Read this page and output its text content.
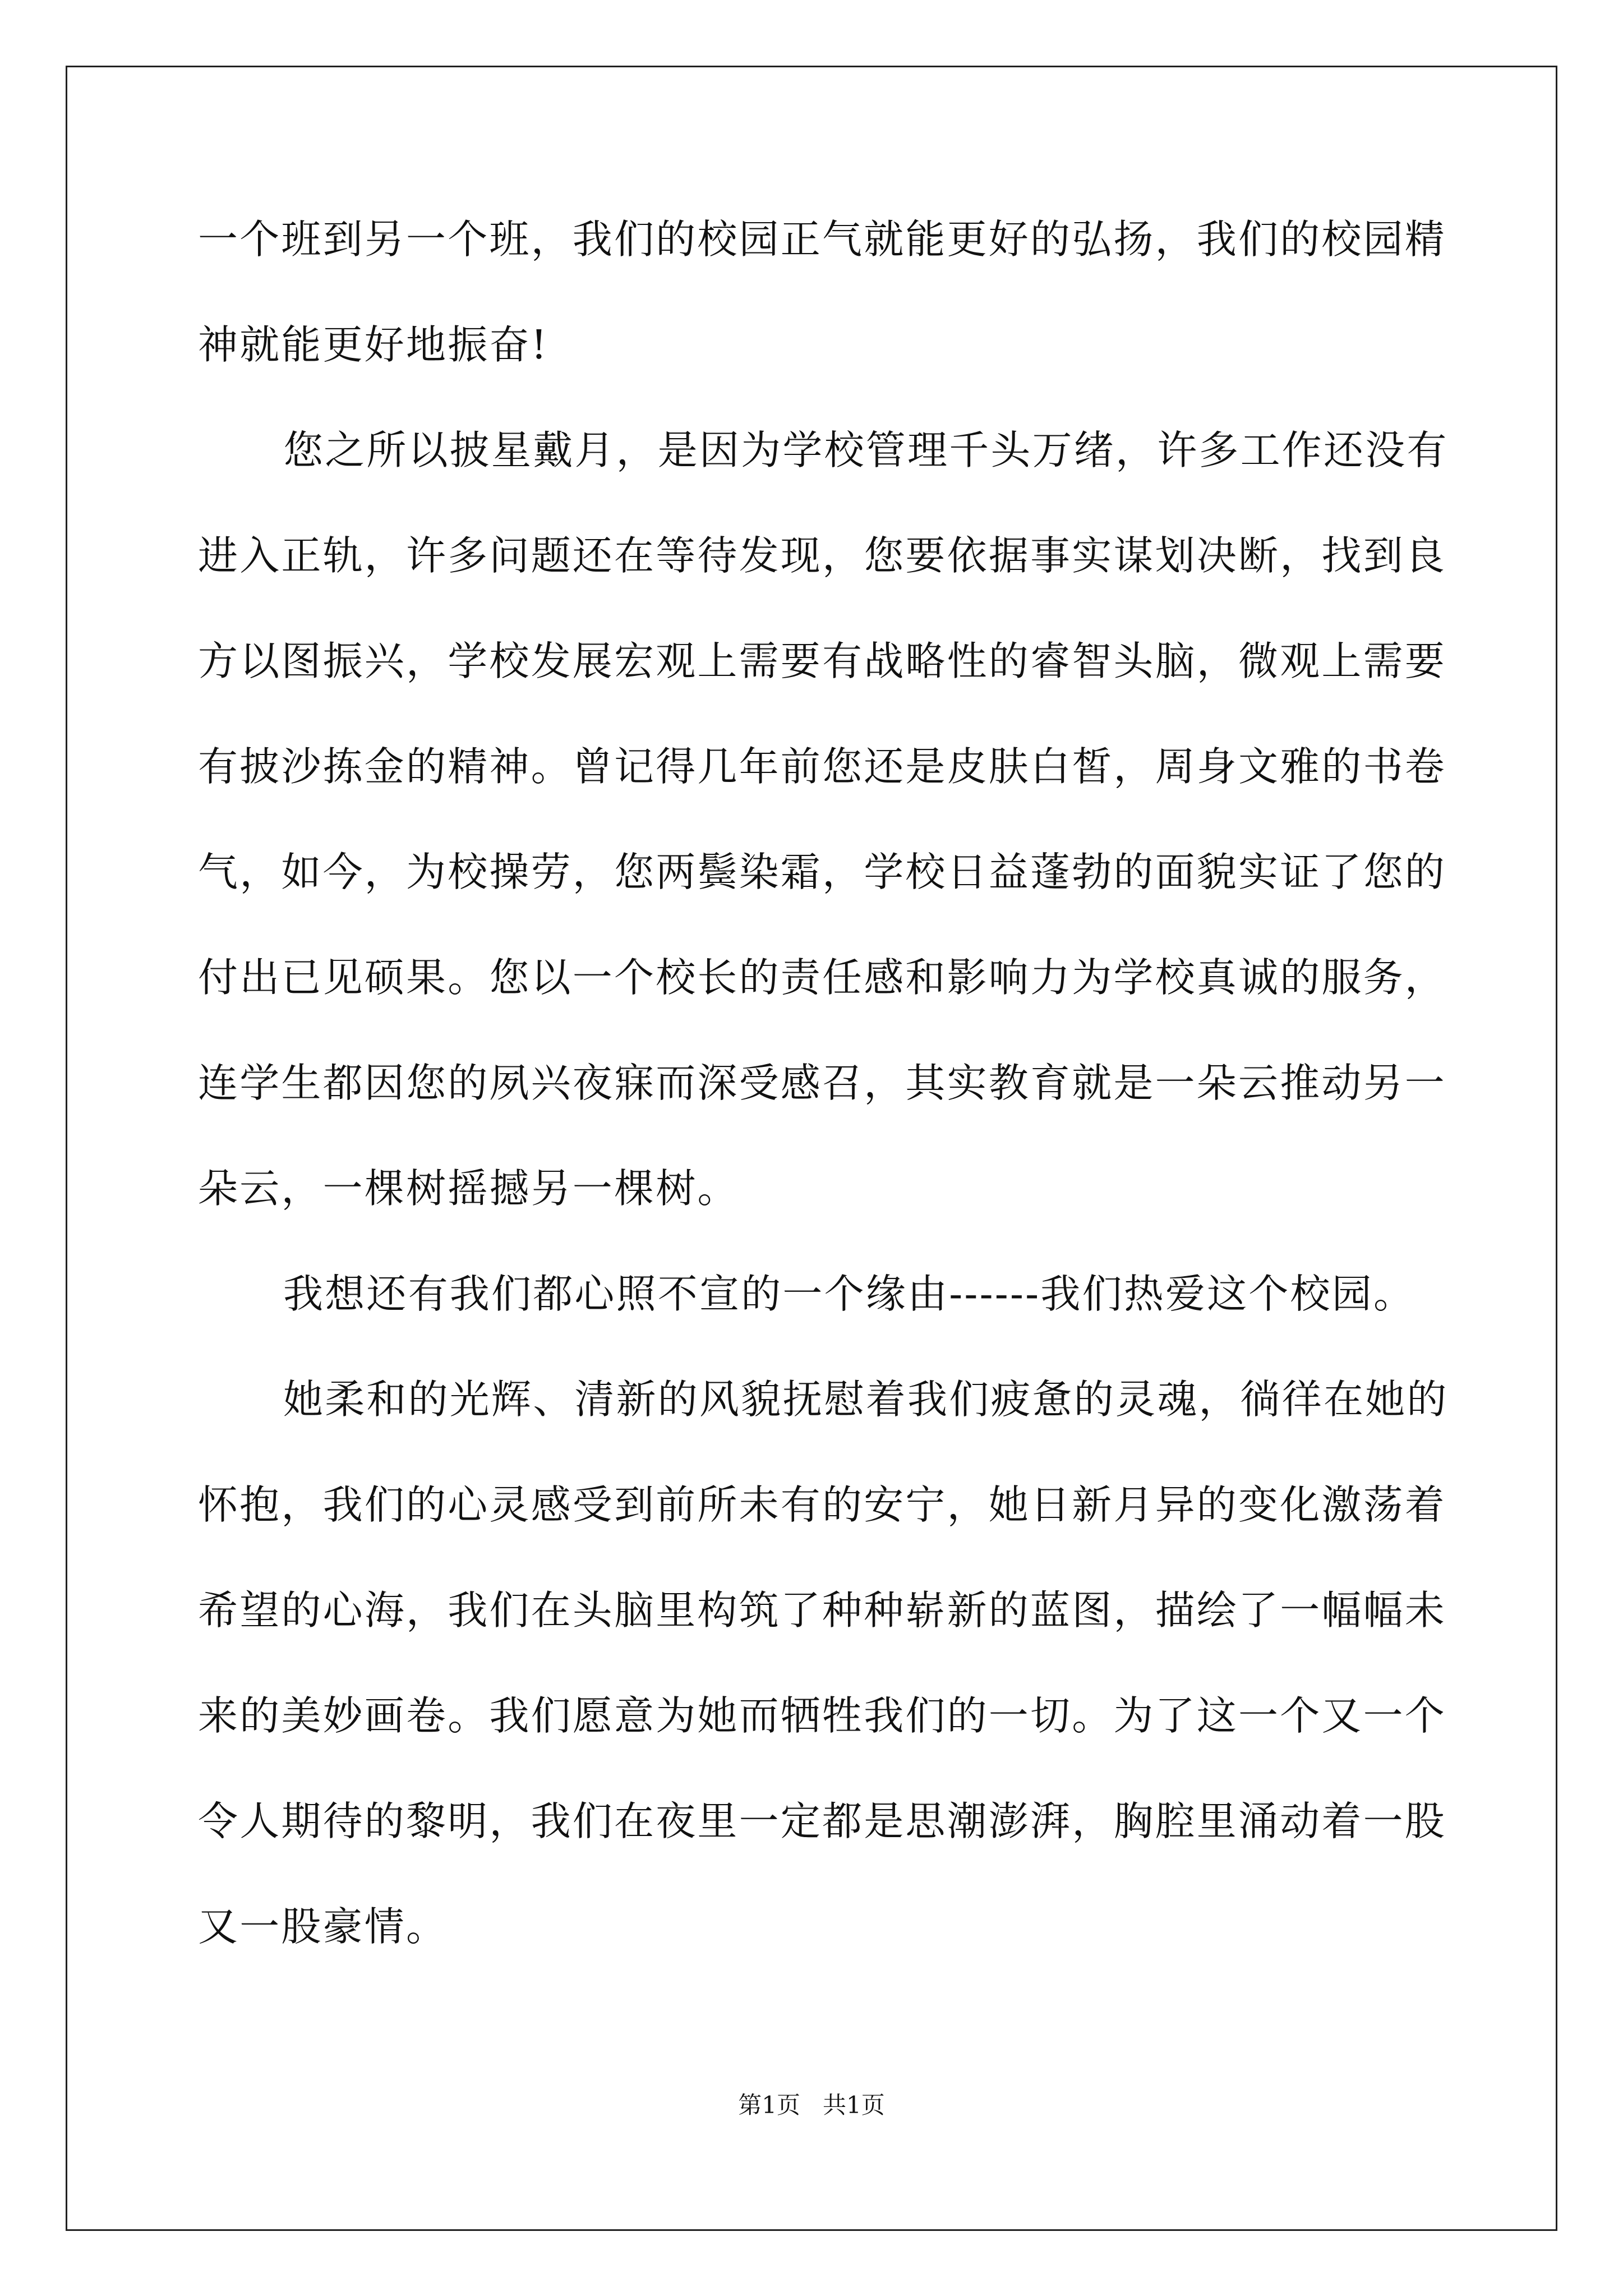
一个班到另一个班，我们的校园正气就能更好的弘扬，我们的校园精
神就能更好地振奋!
您之所以披星戴月，是因为学校管理千头万绪，许多工作还没有
进入正轨，许多问题还在等待发现，您要依据事实谋划决断，找到良
方以图振兴，学校发展宏观上需要有战略性的睿智头脑，微观上需要
有披沙拣金的精神。曾记得几年前您还是皮肤白皙，周身文雅的书卷
气，如今，为校操劳，您两鬓染霜，学校日益蓬勃的面貌实证了您的
付出已见硕果。您以一个校长的责任感和影响力为学校真诚的服务，
连学生都因您的夙兴夜寐而深受感召，其实教育就是一朵云推动另一
朵云，一棵树摇撼另一棵树。
我想还有我们都心照不宣的一个缘由------我们热爱这个校园。
她柔和的光辉、清新的风貌抚慰着我们疲惫的灵魂，徜徉在她的
怀抱，我们的心灵感受到前所未有的安宁，她日新月异的变化激荡着
希望的心海，我们在头脑里构筑了种种崭新的蓝图，描绘了一幅幅未
来的美妙画卷。我们愿意为她而牺牲我们的一切。为了这一个又一个
令人期待的黎明，我们在夜里一定都是思潮澎湃，胸腔里涌动着一股
又一股豪情。
第1页 共1页
